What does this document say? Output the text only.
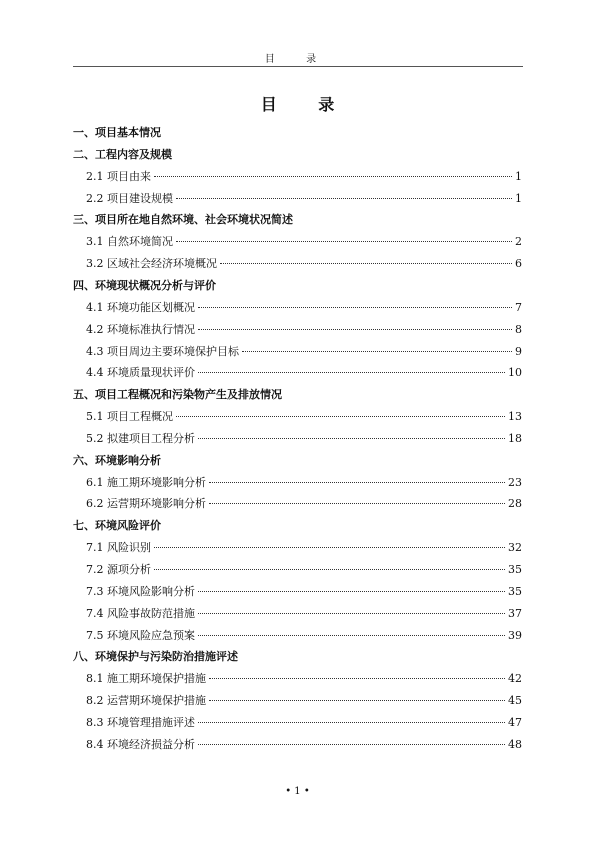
目 录
目 录
一、项目基本情况
二、工程内容及规模
2.1 项目由来	1
2.2 项目建设规模	1
三、项目所在地自然环境、社会环境状况简述
3.1 自然环境简况	2
3.2 区域社会经济环境概况	6
四、环境现状概况分析与评价
4.1 环境功能区划概况	7
4.2 环境标准执行情况	8
4.3 项目周边主要环境保护目标	9
4.4 环境质量现状评价	10
五、项目工程概况和污染物产生及排放情况
5.1 项目工程概况	13
5.2 拟建项目工程分析	18
六、环境影响分析
6.1 施工期环境影响分析	23
6.2 运营期环境影响分析	28
七、环境风险评价
7.1 风险识别	32
7.2 源项分析	35
7.3 环境风险影响分析	35
7.4 风险事故防范措施	37
7.5 环境风险应急预案	39
八、环境保护与污染防治措施评述
8.1 施工期环境保护措施	42
8.2 运营期环境保护措施	45
8.3 环境管理措施评述	47
8.4 环境经济损益分析	48
• 1 •
